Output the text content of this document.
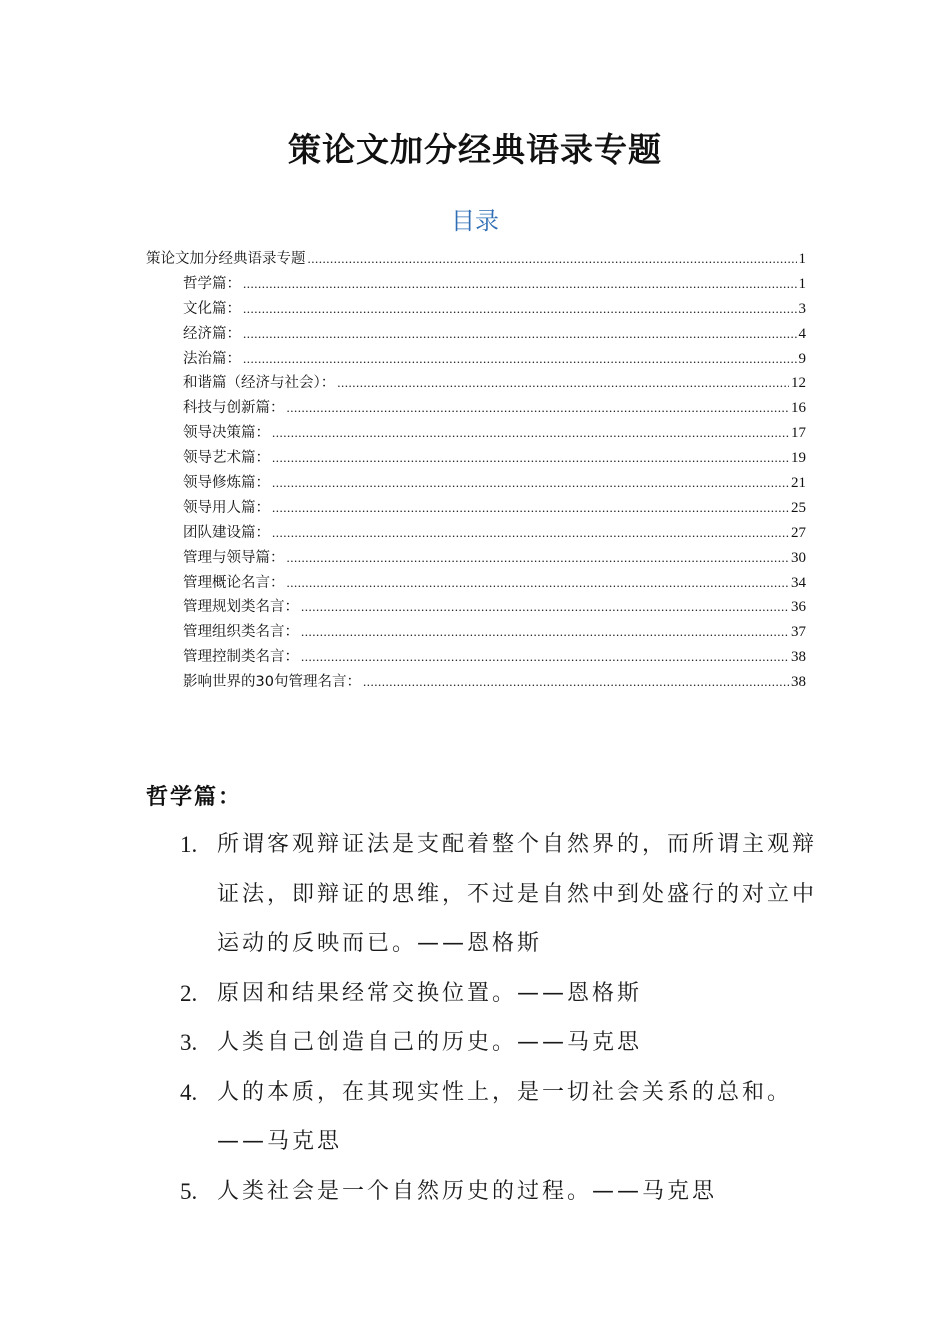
策论文加分经典语录专题
目录
策论文加分经典语录专题 .....	1
哲学篇： .....	1
文化篇： .....	3
经济篇： .....	4
法治篇： .....	9
和谐篇（经济与社会）： .....	12
科技与创新篇： .....	16
领导决策篇： .....	17
领导艺术篇： .....	19
领导修炼篇： .....	21
领导用人篇： .....	25
团队建设篇： .....	27
管理与领导篇： .....	30
管理概论名言： .....	34
管理规划类名言： .....	36
管理组织类名言： .....	37
管理控制类名言： .....	38
影响世界的30句管理名言： .....	38
哲学篇：
1. 所谓客观辩证法是支配着整个自然界的，而所谓主观辩证法，即辩证的思维，不过是自然中到处盛行的对立中运动的反映而已。——恩格斯
2. 原因和结果经常交换位置。——恩格斯
3. 人类自己创造自己的历史。——马克思
4. 人的本质，在其现实性上，是一切社会关系的总和。——马克思
5. 人类社会是一个自然历史的过程。——马克思
